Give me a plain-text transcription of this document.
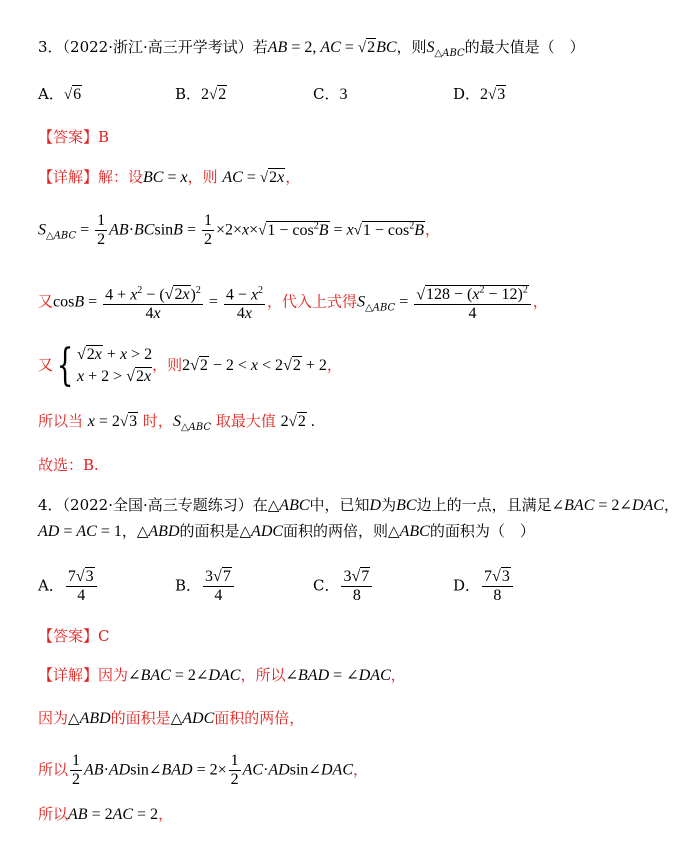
3．（2022·浙江·高三开学考试）若AB = 2, AC = √2BC，则$S_{\triangle ABC}$的最大值是（　）
A．√6	B．2√2	C．3	D．2√3
【答案】B
【详解】解：设BC = x，则 AC = √2x，
$S_{\triangle ABC} = \frac{1}{2} AB\cdot BCsinB = \frac{1}{2} \times 2\times x\times√1 - \cos^2B = x√1 - \cos^2B$，
又$\cos B = \frac{4 + x^2 - (√2x)^2}{4x} = \frac{4 - x^2}{4x}$ ，代入上式得$S_{\triangle ABC} = \frac{√128 - (x^2 - 12)^2}{4}$ ，
又{ √2x + x > 2
x + 2 > √2x
，则2√2 − 2 < x < 2√2 + 2，
所以当 x = 2√3 时，$S_{\triangle ABC}$ 取最大值 2√2 .
故选：B.
4．（2022·全国·高三专题练习）在△ABC中，已知D为BC边上的一点，且满足∠BAC = 2∠DAC，
AD = AC = 1，△ABD的面积是△ADC面积的两倍，则△ABC的面积为（　）
A． $\frac{7√3}{4}$	B． $\frac{3√7}{4}$	C． $\frac{3√7}{8}$	D． $\frac{7√3}{8}$
【答案】C
【详解】因为∠BAC = 2∠DAC，所以∠BAD = ∠DAC，
因为△ABD的面积是△ADC面积的两倍，
所以 $\frac{1}{2}$ AB·ADsin∠BAD = $2\times \frac{1}{2}$ AC·ADsin∠DAC，
所以AB = 2AC = 2，
